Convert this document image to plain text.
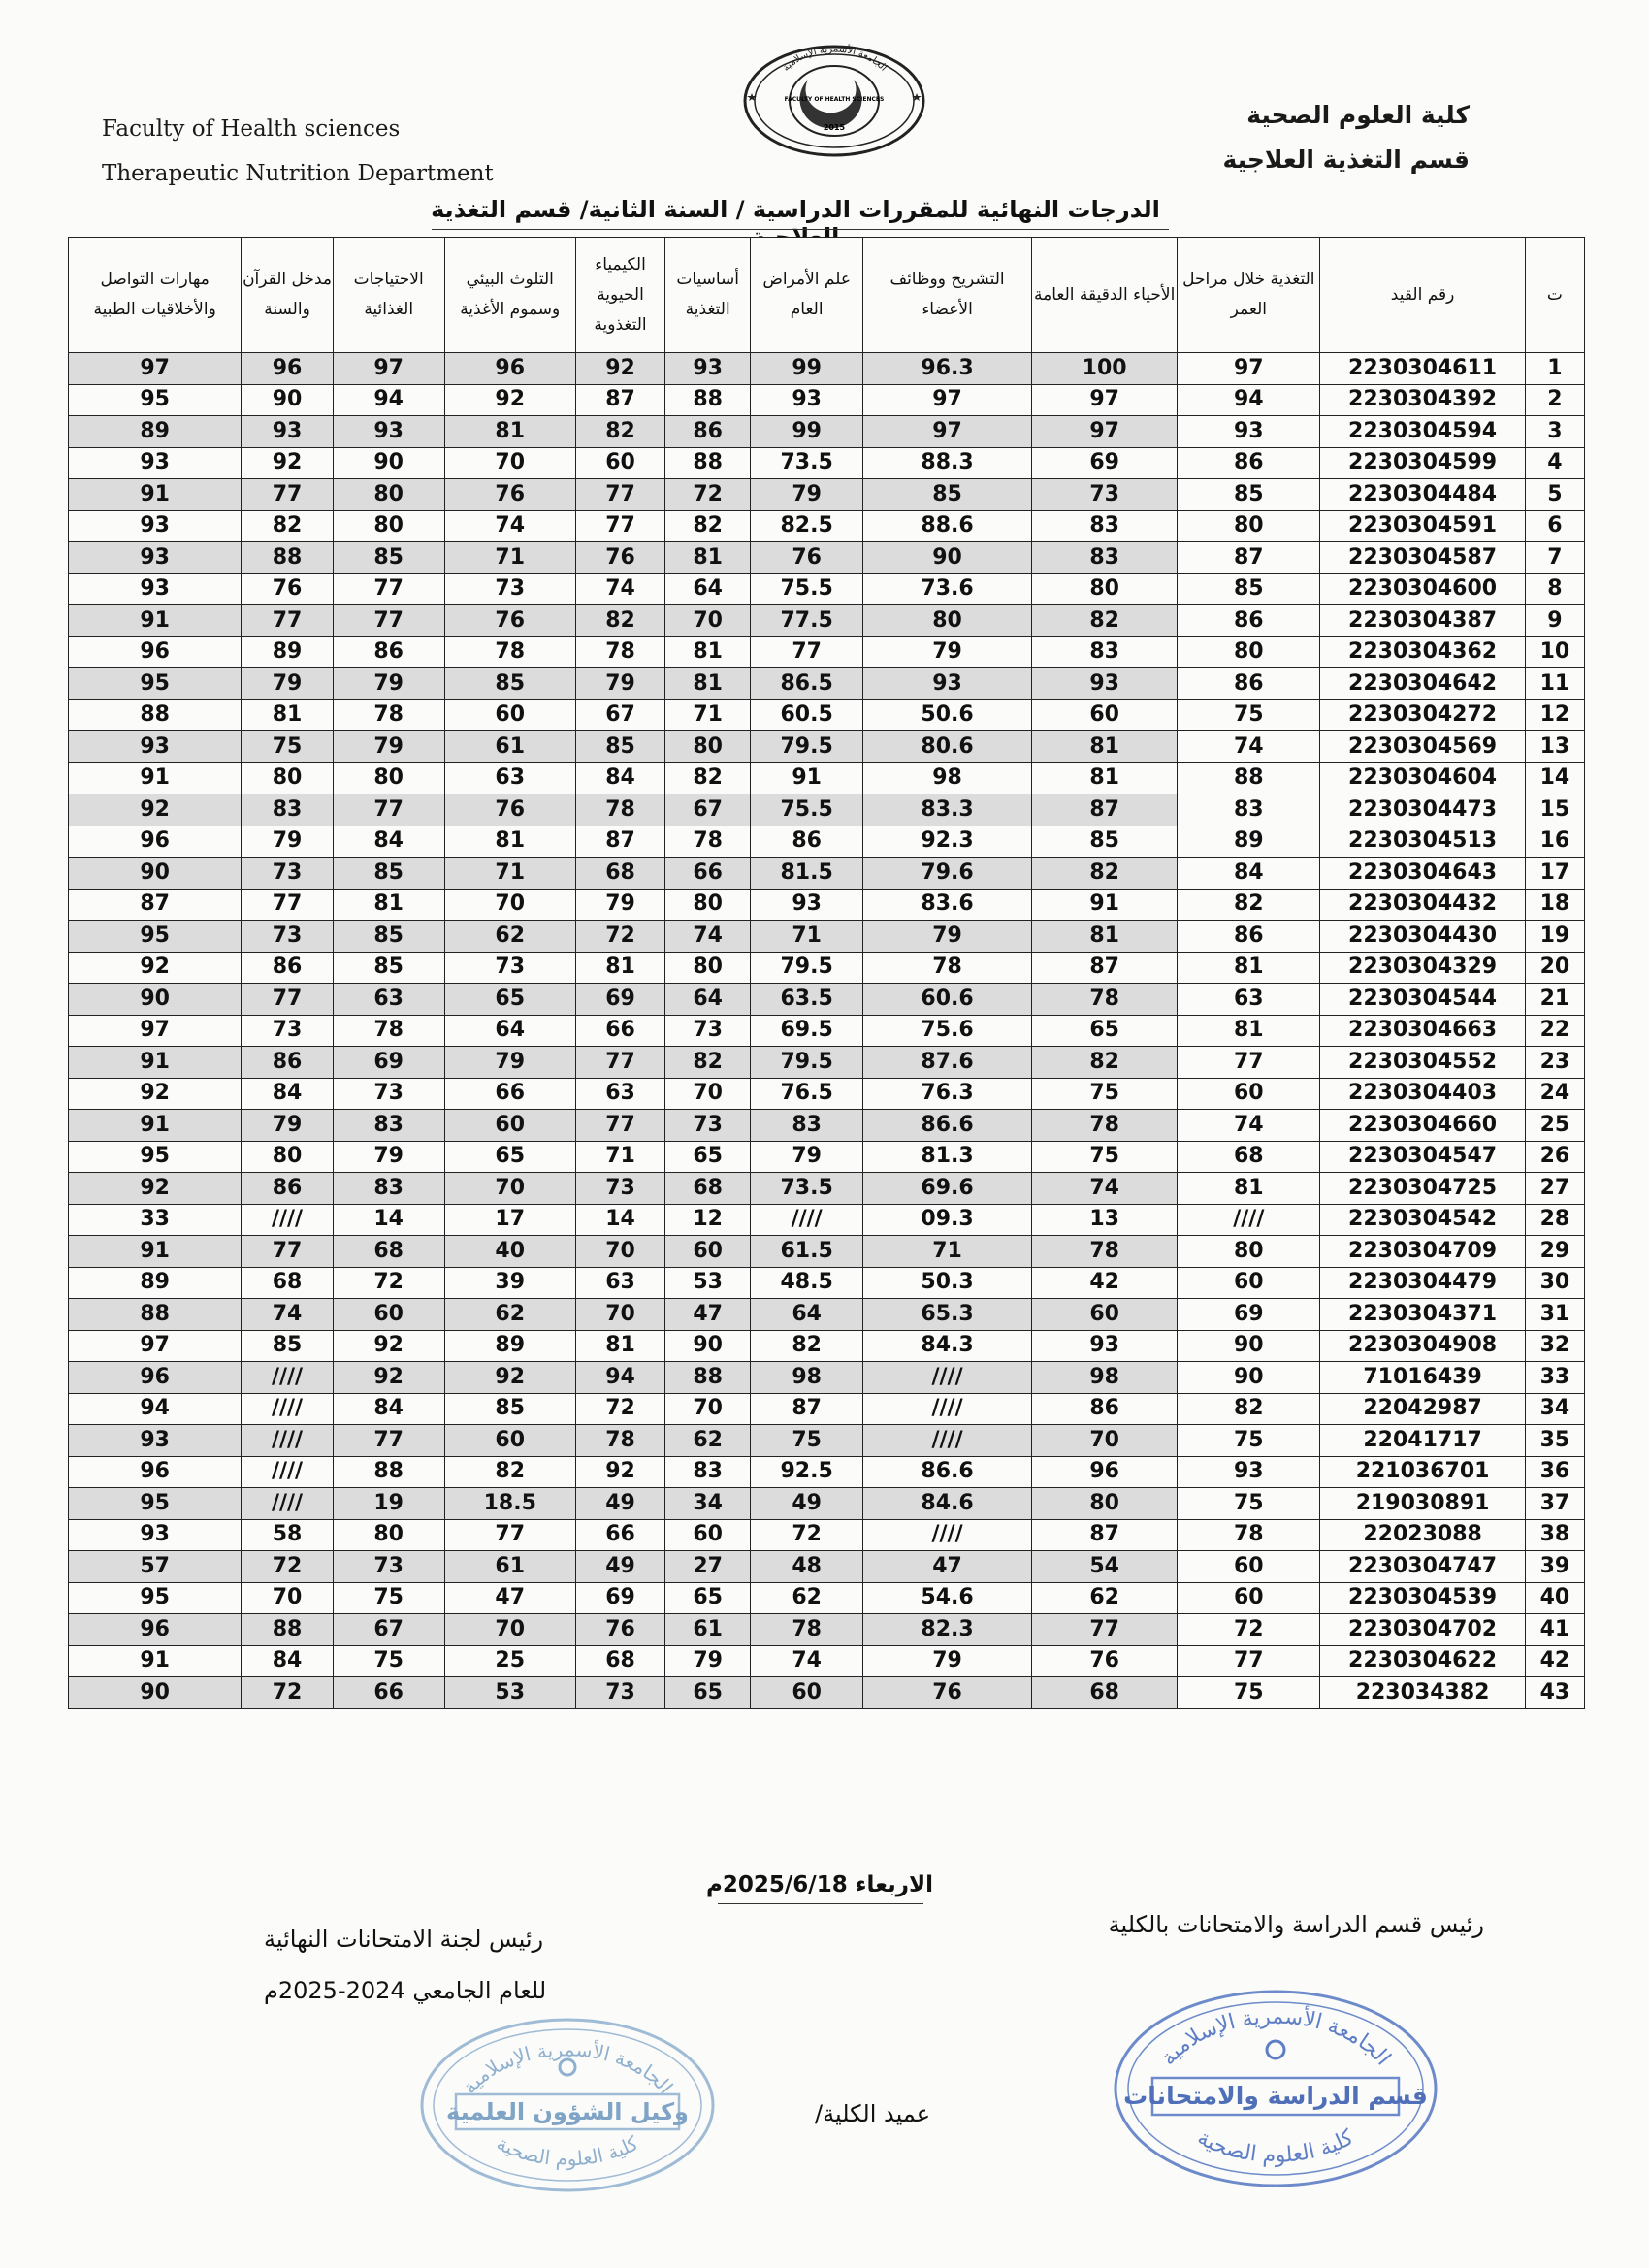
Faculty of Health sciences
Therapeutic Nutrition Department
كلية العلوم الصحية
قسم التغذية العلاجية
FACULTY OF HEALTH SCIENCES
2015
الجامعة الأسمرية الإسلامية
الدرجات النهائية للمقررات الدراسية / السنة الثانية/ قسم التغذية
ت	رقم القيد	التغذية خلال مراحل العمر	الأحياء الدقيقة العامة	التشريح ووظائف الأعضاء	علم الأمراض العام	أساسيات التغذية	الكيمياء الحيوية التغذوية	التلوث البيئي وسموم الأغذية	الاحتياجات الغذائية	مدخل القرآن والسنة	مهارات التواصل والأخلاقيات الطبية
1	2230304611	97	100	96.3	99	93	92	96	97	96	97
2	2230304392	94	97	97	93	88	87	92	94	90	95
3	2230304594	93	97	97	99	86	82	81	93	93	89
4	2230304599	86	69	88.3	73.5	88	60	70	90	92	93
5	2230304484	85	73	85	79	72	77	76	80	77	91
6	2230304591	80	83	88.6	82.5	82	77	74	80	82	93
7	2230304587	87	83	90	76	81	76	71	85	88	93
8	2230304600	85	80	73.6	75.5	64	74	73	77	76	93
9	2230304387	86	82	80	77.5	70	82	76	77	77	91
10	2230304362	80	83	79	77	81	78	78	86	89	96
11	2230304642	86	93	93	86.5	81	79	85	79	79	95
12	2230304272	75	60	50.6	60.5	71	67	60	78	81	88
13	2230304569	74	81	80.6	79.5	80	85	61	79	75	93
14	2230304604	88	81	98	91	82	84	63	80	80	91
15	2230304473	83	87	83.3	75.5	67	78	76	77	83	92
16	2230304513	89	85	92.3	86	78	87	81	84	79	96
17	2230304643	84	82	79.6	81.5	66	68	71	85	73	90
18	2230304432	82	91	83.6	93	80	79	70	81	77	87
19	2230304430	86	81	79	71	74	72	62	85	73	95
20	2230304329	81	87	78	79.5	80	81	73	85	86	92
21	2230304544	63	78	60.6	63.5	64	69	65	63	77	90
22	2230304663	81	65	75.6	69.5	73	66	64	78	73	97
23	2230304552	77	82	87.6	79.5	82	77	79	69	86	91
24	2230304403	60	75	76.3	76.5	70	63	66	73	84	92
25	2230304660	74	78	86.6	83	73	77	60	83	79	91
26	2230304547	68	75	81.3	79	65	71	65	79	80	95
27	2230304725	81	74	69.6	73.5	68	73	70	83	86	92
28	2230304542	////	13	09.3	////	12	14	17	14	////	33
29	2230304709	80	78	71	61.5	60	70	40	68	77	91
30	2230304479	60	42	50.3	48.5	53	63	39	72	68	89
31	2230304371	69	60	65.3	64	47	70	62	60	74	88
32	2230304908	90	93	84.3	82	90	81	89	92	85	97
33	71016439	90	98	////	98	88	94	92	92	////	96
34	22042987	82	86	////	87	70	72	85	84	////	94
35	22041717	75	70	////	75	62	78	60	77	////	93
36	221036701	93	96	86.6	92.5	83	92	82	88	////	96
37	219030891	75	80	84.6	49	34	49	18.5	19	////	95
38	22023088	78	87	////	72	60	66	77	80	58	93
39	2230304747	60	54	47	48	27	49	61	73	72	57
40	2230304539	60	62	54.6	62	65	69	47	75	70	95
41	2230304702	72	77	82.3	78	61	76	70	67	88	96
42	2230304622	77	76	79	74	79	68	25	75	84	91
43	223034382	75	68	76	60	65	73	53	66	72	90
الاربعاء 2025/6/18م
رئيس قسم الدراسة والامتحانات بالكلية
رئيس لجنة الامتحانات النهائية
للعام الجامعي 2024-2025م
عميد الكلية/
وكيل الشؤون العلمية
الجامعة الأسمرية الإسلامية
كلية العلوم الصحية
قسم الدراسة والامتحانات
الجامعة الأسمرية الإسلامية
كلية العلوم الصحية
